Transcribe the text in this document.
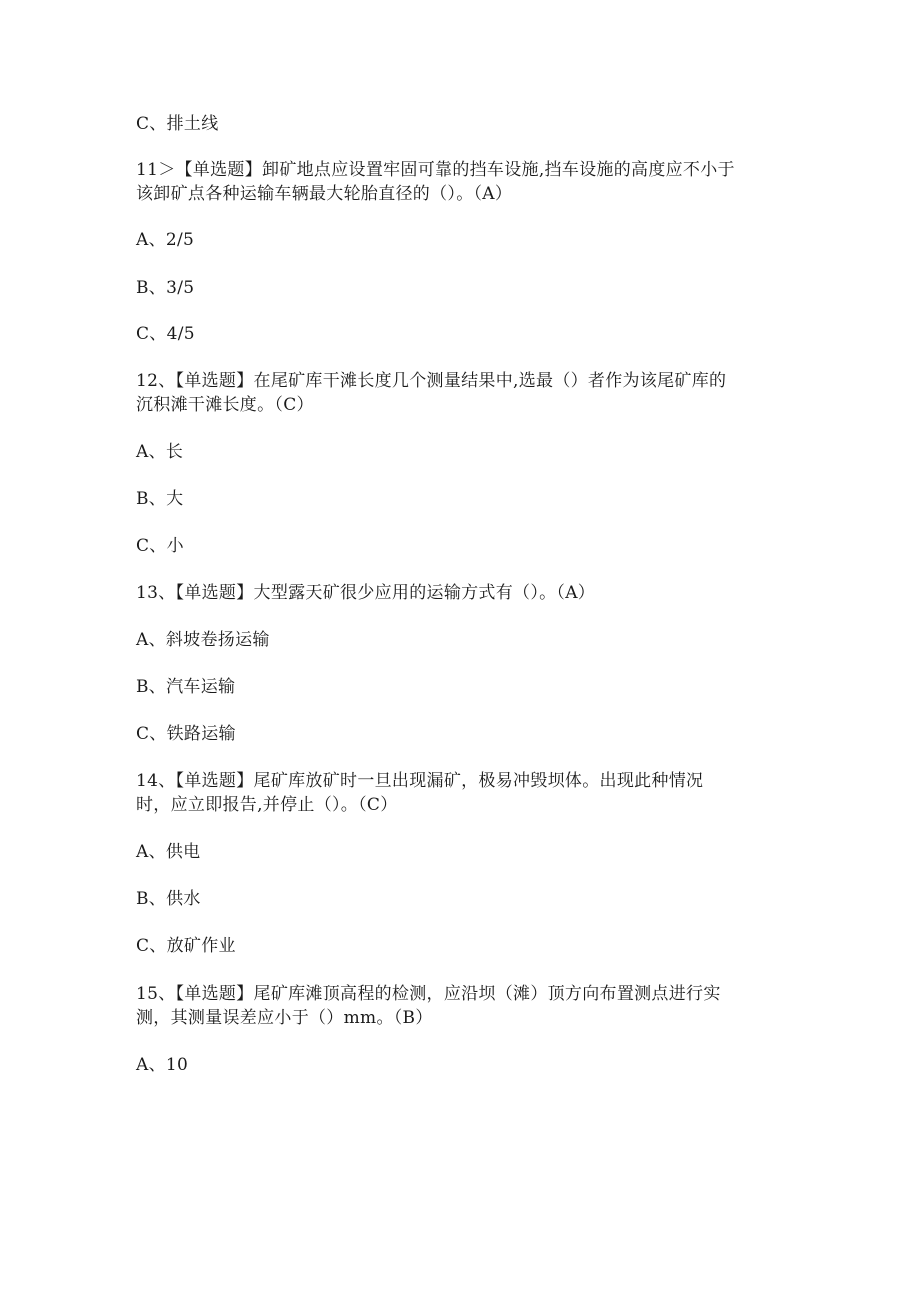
C、排土线
11＞【单选题】卸矿地点应设置牢固可靠的挡车设施,挡车设施的高度应不小于
该卸矿点各种运输车辆最大轮胎直径的（）。（A）
A、2/5
B、3/5
C、4/5
12、【单选题】在尾矿库干滩长度几个测量结果中,选最（）者作为该尾矿库的
沉积滩干滩长度。（C）
A、长
B、大
C、小
13、【单选题】大型露天矿很少应用的运输方式有（）。（A）
A、斜坡卷扬运输
B、汽车运输
C、铁路运输
14、【单选题】尾矿库放矿时一旦出现漏矿，极易冲毁坝体。出现此种情况
时，应立即报告,并停止（）。（C）
A、供电
B、供水
C、放矿作业
15、【单选题】尾矿库滩顶高程的检测，应沿坝（滩）顶方向布置测点进行实
测，其测量误差应小于（）mm。（B）
A、10
